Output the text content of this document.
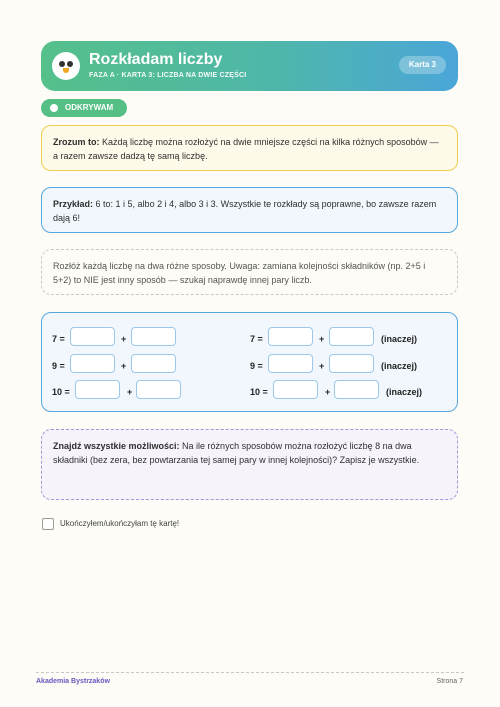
Rozkładam liczby
FAZA A · KARTA 3: LICZBA NA DWIE CZĘŚCI
Karta 3
ODKRYWAM
Zrozum to: Każdą liczbę można rozłożyć na dwie mniejsze części na kilka różnych sposobów — a razem zawsze dadzą tę samą liczbę.
Przykład: 6 to: 1 i 5, albo 2 i 4, albo 3 i 3. Wszystkie te rozkłady są poprawne, bo zawsze razem dają 6!
Rozłóż każdą liczbę na dwa różne sposoby. Uwaga: zamiana kolejności składników (np. 2+5 i 5+2) to NIE jest inny sposób — szukaj naprawdę innej pary liczb.
7 =	+
9 =	+
10 =	+
7 =	+	(inaczej)
9 =	+	(inaczej)
10 =	+	(inaczej)
Znajdź wszystkie możliwości: Na ile różnych sposobów można rozłożyć liczbę 8 na dwa składniki (bez zera, bez powtarzania tej samej pary w innej kolejności)? Zapisz je wszystkie.
Ukończyłem/ukończyłam tę kartę!
Akademia Bystrzaków	Strona 7
